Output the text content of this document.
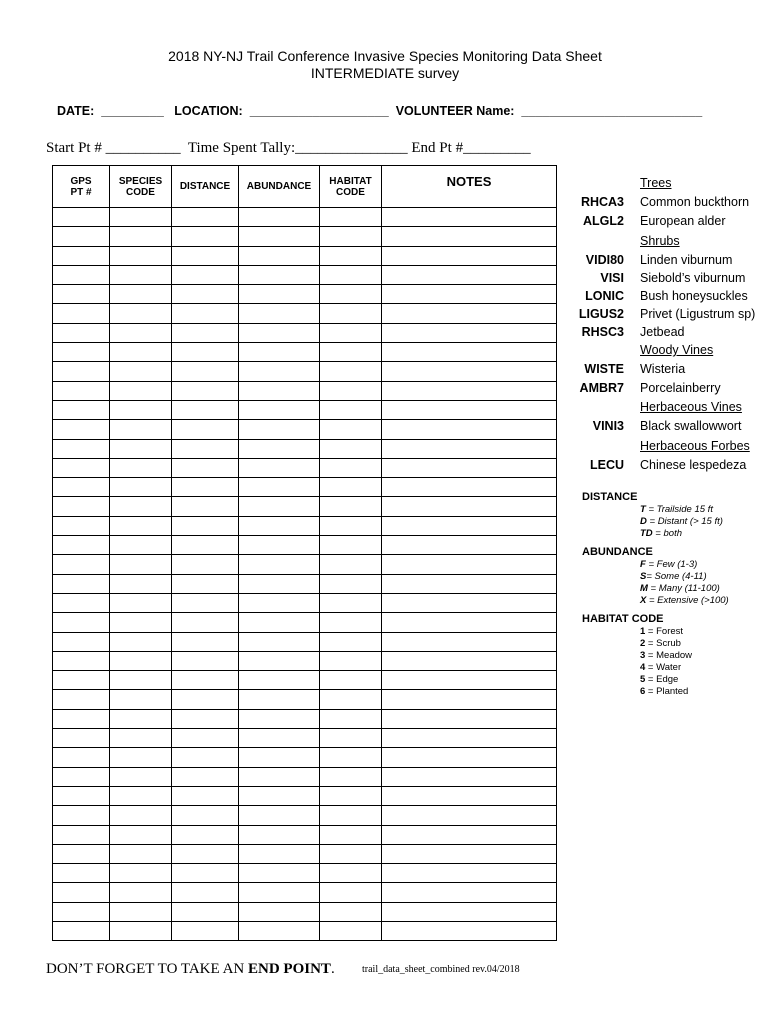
2018 NY-NJ Trail Conference Invasive Species Monitoring Data Sheet
INTERMEDIATE survey
DATE: _________ LOCATION: ____________________ VOLUNTEER Name: __________________________
Start Pt # __________ Time Spent Tally:_______________ End Pt #_________
GPS PT #	SPECIES CODE	DISTANCE	ABUNDANCE	HABITAT CODE	NOTES

						Trees
RHCA3 Common buckthorn
ALGL2 European alder
Shrubs
VIDI80 Linden viburnum
VISI Siebold’s viburnum
LONIC Bush honeysuckles
LIGUS2 Privet (Ligustrum sp)
RHSC3 Jetbead
Woody Vines
WISTE Wisteria
AMBR7 Porcelainberry
Herbaceous Vines
VINI3 Black swallowwort
Herbaceous Forbes
LECU Chinese lespedeza
DISTANCE
T = Trailside 15 ft
D = Distant (> 15 ft)
TD = both
ABUNDANCE
F = Few (1-3)
S= Some (4-11)
M = Many (11-100)
X = Extensive (>100)
HABITAT CODE
1 = Forest
2 = Scrub
3 = Meadow
4 = Water
5 = Edge
6 = Planted
DON’T FORGET TO TAKE AN END POINT.	trail_data_sheet_combined rev.04/2018
